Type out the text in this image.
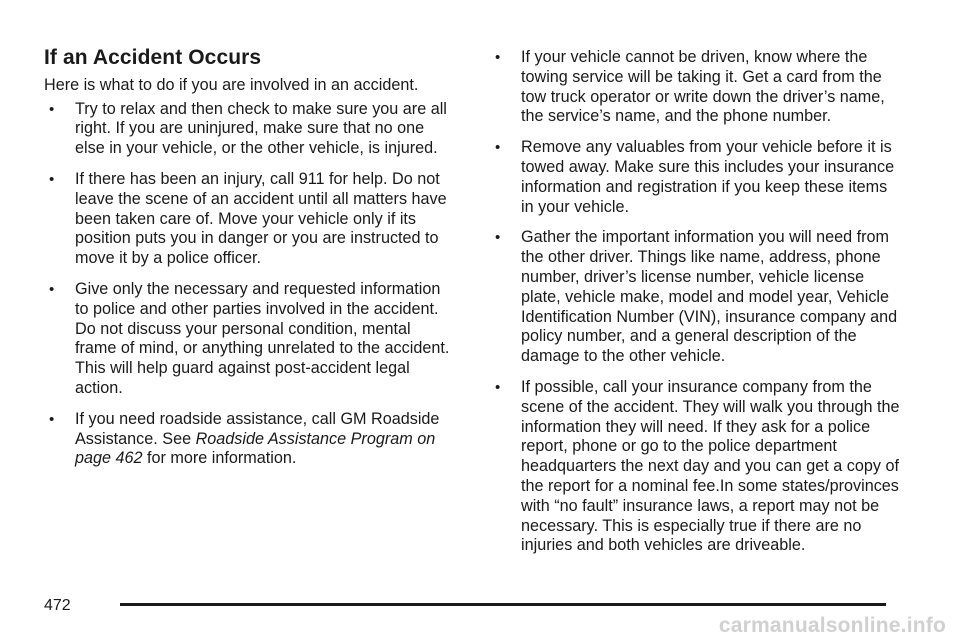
If an Accident Occurs

Here is what to do if you are involved in an accident.

• Try to relax and then check to make sure you are all right. If you are uninjured, make sure that no one else in your vehicle, or the other vehicle, is injured.
• If there has been an injury, call 911 for help. Do not leave the scene of an accident until all matters have been taken care of. Move your vehicle only if its position puts you in danger or you are instructed to move it by a police officer.
• Give only the necessary and requested information to police and other parties involved in the accident. Do not discuss your personal condition, mental frame of mind, or anything unrelated to the accident. This will help guard against post-accident legal action.
• If you need roadside assistance, call GM Roadside Assistance. See Roadside Assistance Program on page 462 for more information.
• If your vehicle cannot be driven, know where the towing service will be taking it. Get a card from the tow truck operator or write down the driver’s name, the service’s name, and the phone number.
• Remove any valuables from your vehicle before it is towed away. Make sure this includes your insurance information and registration if you keep these items in your vehicle.
• Gather the important information you will need from the other driver. Things like name, address, phone number, driver’s license number, vehicle license plate, vehicle make, model and model year, Vehicle Identification Number (VIN), insurance company and policy number, and a general description of the damage to the other vehicle.
• If possible, call your insurance company from the scene of the accident. They will walk you through the information they will need. If they ask for a police report, phone or go to the police department headquarters the next day and you can get a copy of the report for a nominal fee.In some states/provinces with “no fault” insurance laws, a report may not be necessary. This is especially true if there are no injuries and both vehicles are driveable.
472
carmanualsonline.info
